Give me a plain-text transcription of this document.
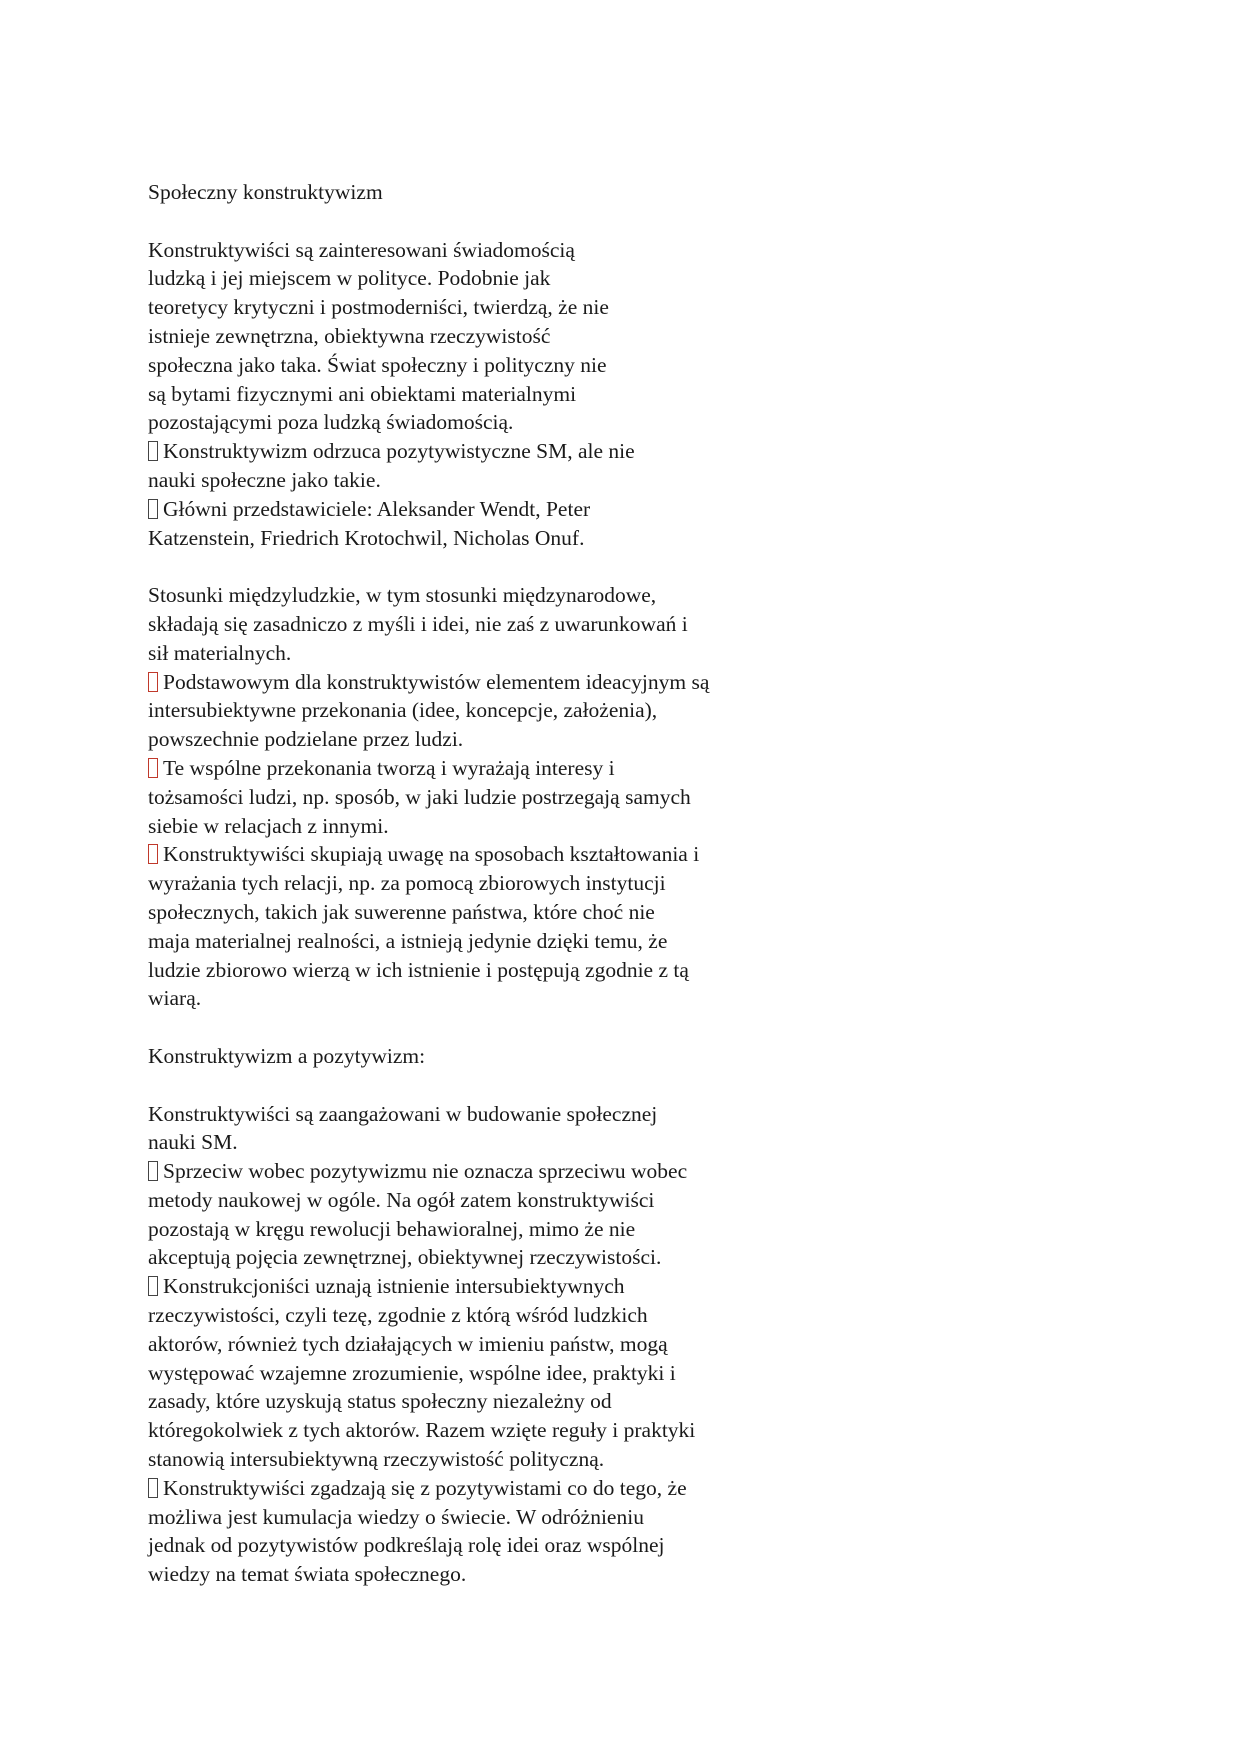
Społeczny konstruktywizm
Konstruktywiści są zainteresowani świadomością
ludzką i jej miejscem w polityce. Podobnie jak
teoretycy krytyczni i postmoderniści, twierdzą, że nie
istnieje zewnętrzna, obiektywna rzeczywistość
społeczna jako taka. Świat społeczny i polityczny nie
są bytami fizycznymi ani obiektami materialnymi
pozostającymi poza ludzką świadomością.
Konstruktywizm odrzuca pozytywistyczne SM, ale nie
nauki społeczne jako takie.
Główni przedstawiciele: Aleksander Wendt, Peter
Katzenstein, Friedrich Krotochwil, Nicholas Onuf.
Stosunki międzyludzkie, w tym stosunki międzynarodowe,
składają się zasadniczo z myśli i idei, nie zaś z uwarunkowań i
sił materialnych.
Podstawowym dla konstruktywistów elementem ideacyjnym są
intersubiektywne przekonania (idee, koncepcje, założenia),
powszechnie podzielane przez ludzi.
Te wspólne przekonania tworzą i wyrażają interesy i
tożsamości ludzi, np. sposób, w jaki ludzie postrzegają samych
siebie w relacjach z innymi.
Konstruktywiści skupiają uwagę na sposobach kształtowania i
wyrażania tych relacji, np. za pomocą zbiorowych instytucji
społecznych, takich jak suwerenne państwa, które choć nie
maja materialnej realności, a istnieją jedynie dzięki temu, że
ludzie zbiorowo wierzą w ich istnienie i postępują zgodnie z tą
wiarą.
Konstruktywizm a pozytywizm:
Konstruktywiści są zaangażowani w budowanie społecznej
nauki SM.
Sprzeciw wobec pozytywizmu nie oznacza sprzeciwu wobec
metody naukowej w ogóle. Na ogół zatem konstruktywiści
pozostają w kręgu rewolucji behawioralnej, mimo że nie
akceptują pojęcia zewnętrznej, obiektywnej rzeczywistości.
Konstrukcjoniści uznają istnienie intersubiektywnych
rzeczywistości, czyli tezę, zgodnie z którą wśród ludzkich
aktorów, również tych działających w imieniu państw, mogą
występować wzajemne zrozumienie, wspólne idee, praktyki i
zasady, które uzyskują status społeczny niezależny od
któregokolwiek z tych aktorów. Razem wzięte reguły i praktyki
stanowią intersubiektywną rzeczywistość polityczną.
Konstruktywiści zgadzają się z pozytywistami co do tego, że
możliwa jest kumulacja wiedzy o świecie. W odróżnieniu
jednak od pozytywistów podkreślają rolę idei oraz wspólnej
wiedzy na temat świata społecznego.
